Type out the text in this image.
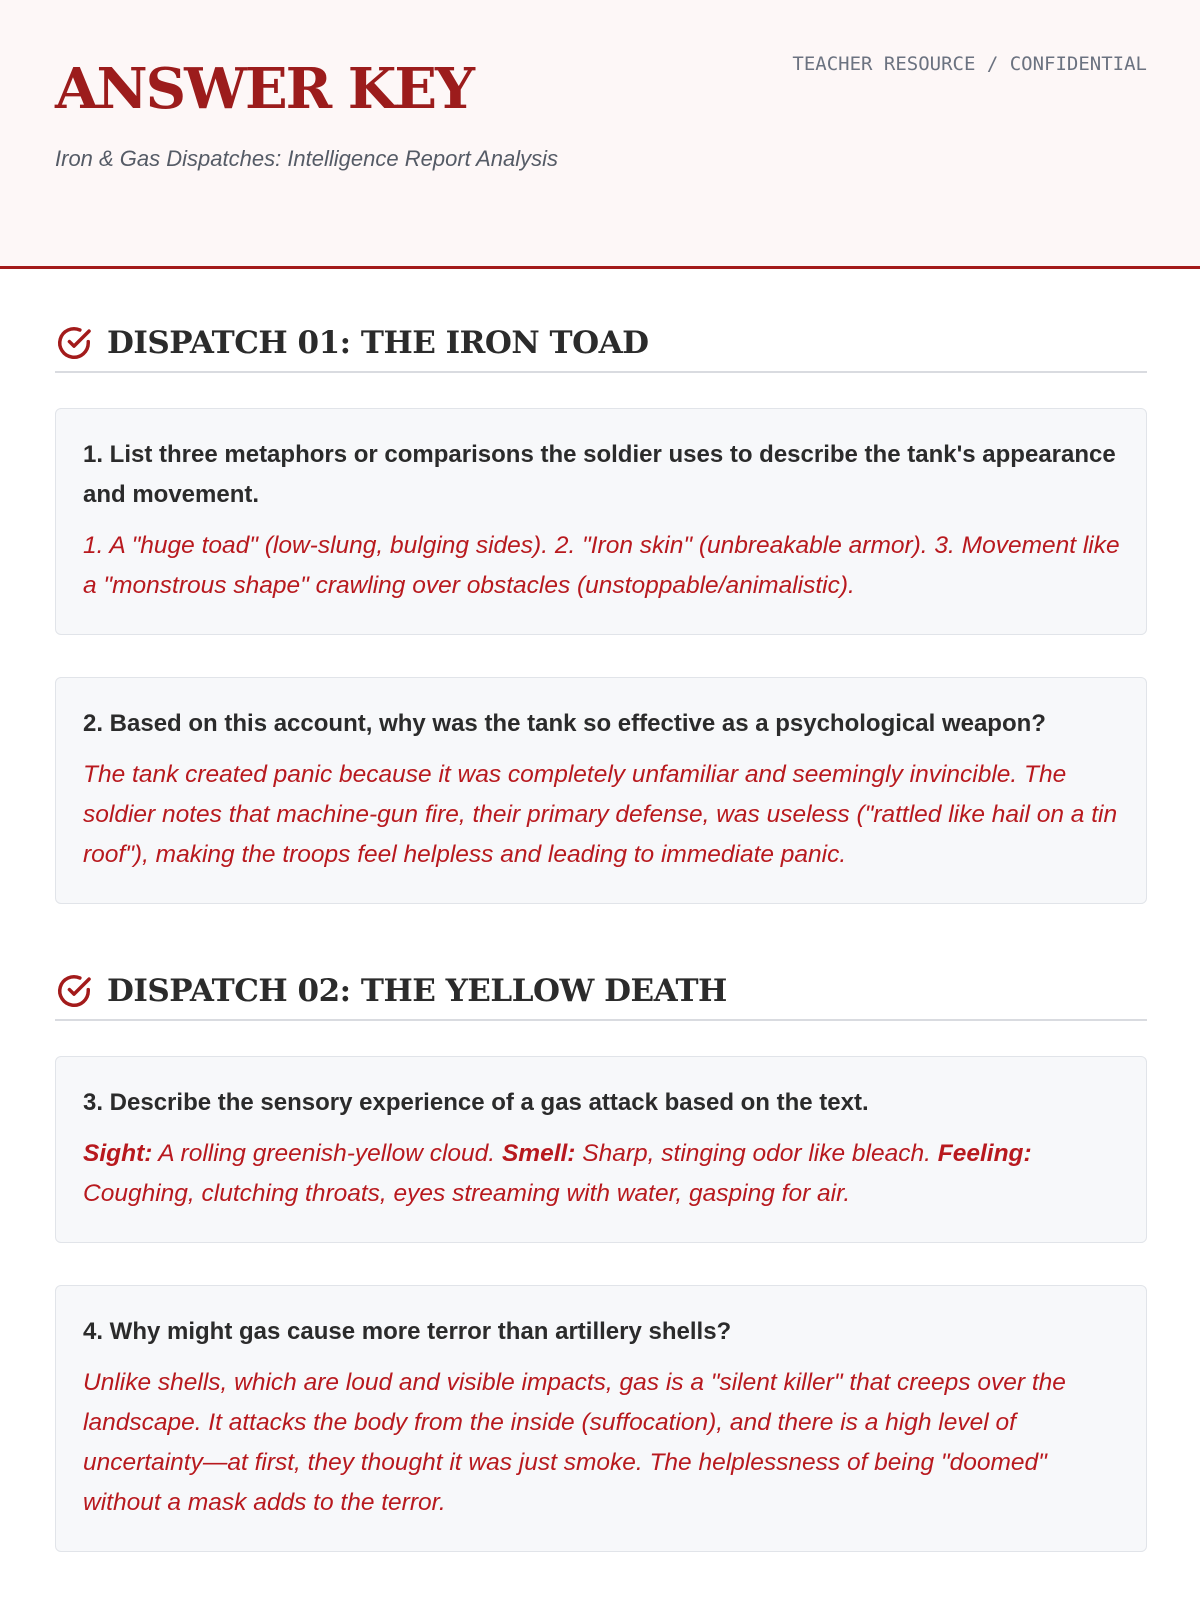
ANSWER KEY

Iron & Gas Dispatches: Intelligence Report Analysis

TEACHER RESOURCE / CONFIDENTIAL

DISPATCH 01: THE IRON TOAD

1. List three metaphors or comparisons the soldier uses to describe the tank's appearance and movement.

1. A "huge toad" (low-slung, bulging sides). 2. "Iron skin" (unbreakable armor). 3. Movement like a "monstrous shape" crawling over obstacles (unstoppable/animalistic).

2. Based on this account, why was the tank so effective as a psychological weapon?

The tank created panic because it was completely unfamiliar and seemingly invincible. The soldier notes that machine-gun fire, their primary defense, was useless ("rattled like hail on a tin roof"), making the troops feel helpless and leading to immediate panic.

DISPATCH 02: THE YELLOW DEATH

3. Describe the sensory experience of a gas attack based on the text.

Sight: A rolling greenish-yellow cloud. Smell: Sharp, stinging odor like bleach. Feeling: Coughing, clutching throats, eyes streaming with water, gasping for air.

4. Why might gas cause more terror than artillery shells?

Unlike shells, which are loud and visible impacts, gas is a "silent killer" that creeps over the landscape. It attacks the body from the inside (suffocation), and there is a high level of uncertainty—at first, they thought it was just smoke. The helplessness of being "doomed" without a mask adds to the terror.
